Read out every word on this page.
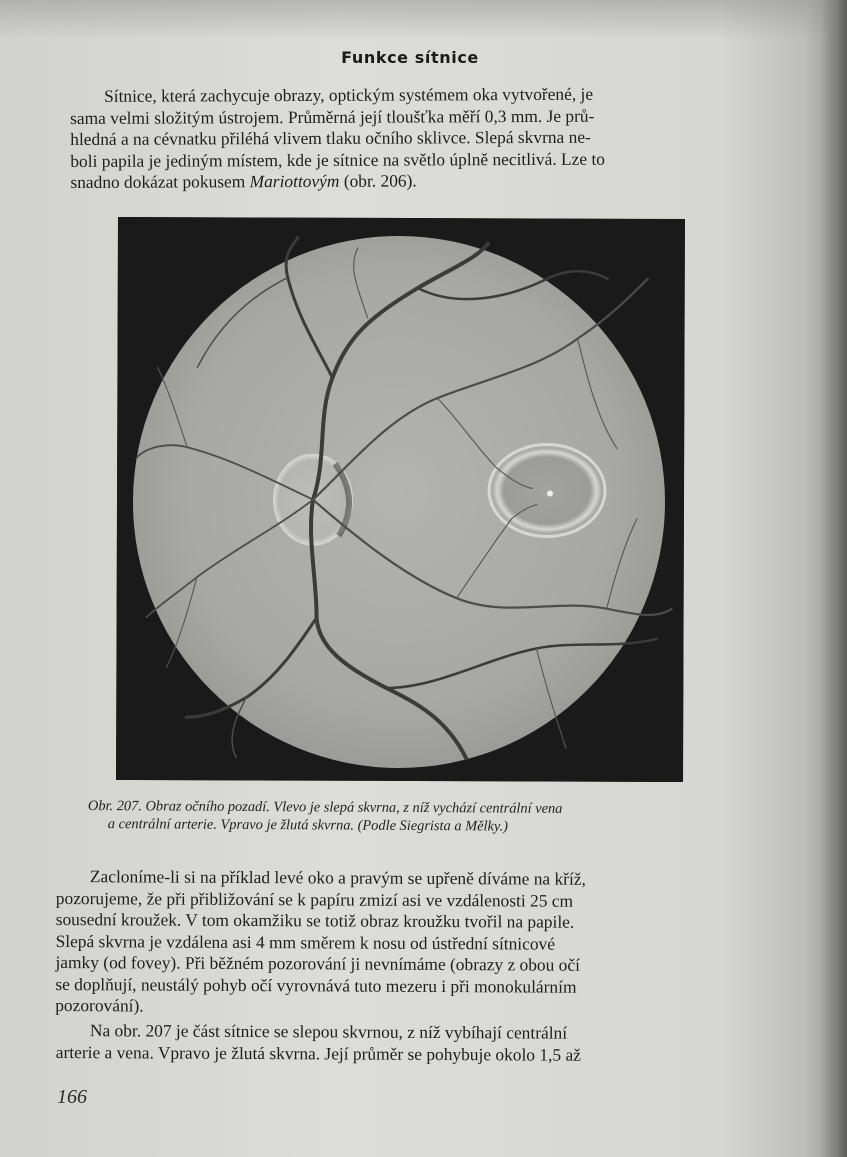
Funkce sítnice
Sítnice, která zachycuje obrazy, optickým systémem oka vytvořené, je
sama velmi složitým ústrojem. Průměrná její tloušťka měří 0,3 mm. Je prů-
hledná a na cévnatku přiléhá vlivem tlaku očního sklivce. Slepá skvrna ne-
boli papila je jediným místem, kde je sítnice na světlo úplně necitlivá. Lze to
snadno dokázat pokusem Mariottovým (obr. 206).
Obr. 207. Obraz očního pozadí. Vlevo je slepá skvrna, z níž vychází centrální vena
a centrální arterie. Vpravo je žlutá skvrna. (Podle Siegrista a Mělky.)
Zacloníme-li si na příklad levé oko a pravým se upřeně díváme na kříž,
pozorujeme, že při přibližování se k papíru zmizí asi ve vzdálenosti 25 cm
sousední kroužek. V tom okamžiku se totiž obraz kroužku tvořil na papile.
Slepá skvrna je vzdálena asi 4 mm směrem k nosu od ústřední sítnicové
jamky (od fovey). Při běžném pozorování ji nevnímáme (obrazy z obou očí
se doplňují, neustálý pohyb očí vyrovnává tuto mezeru i při monokulárním
pozorování).
Na obr. 207 je část sítnice se slepou skvrnou, z níž vybíhají centrální
arterie a vena. Vpravo je žlutá skvrna. Její průměr se pohybuje okolo 1,5 až
166
